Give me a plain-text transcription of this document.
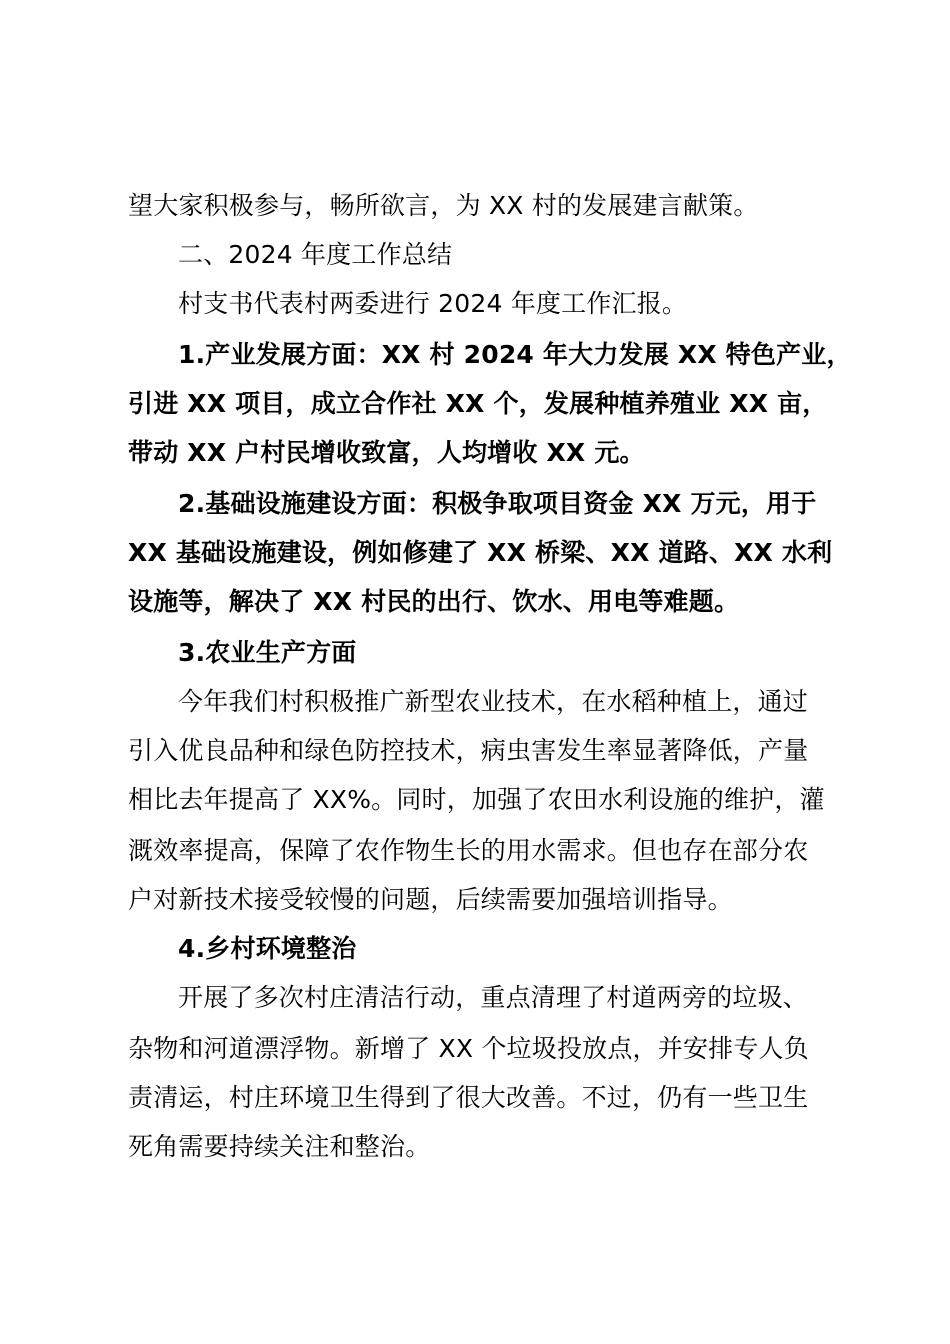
望大家积极参与，畅所欲言，为 XX 村的发展建言献策。
二、2024 年度工作总结
村支书代表村两委进行 2024 年度工作汇报。
1.产业发展方面：XX 村 2024 年大力发展 XX 特色产业，
引进 XX 项目，成立合作社 XX 个，发展种植养殖业 XX 亩，
带动 XX 户村民增收致富，人均增收 XX 元。
2.基础设施建设方面：积极争取项目资金 XX 万元，用于
XX 基础设施建设，例如修建了 XX 桥梁、XX 道路、XX 水利
设施等，解决了 XX 村民的出行、饮水、用电等难题。
3.农业生产方面
今年我们村积极推广新型农业技术，在水稻种植上，通过
引入优良品种和绿色防控技术，病虫害发生率显著降低，产量
相比去年提高了 XX%。同时，加强了农田水利设施的维护，灌
溉效率提高，保障了农作物生长的用水需求。但也存在部分农
户对新技术接受较慢的问题，后续需要加强培训指导。
4.乡村环境整治
开展了多次村庄清洁行动，重点清理了村道两旁的垃圾、
杂物和河道漂浮物。新增了 XX 个垃圾投放点，并安排专人负
责清运，村庄环境卫生得到了很大改善。不过，仍有一些卫生
死角需要持续关注和整治。
